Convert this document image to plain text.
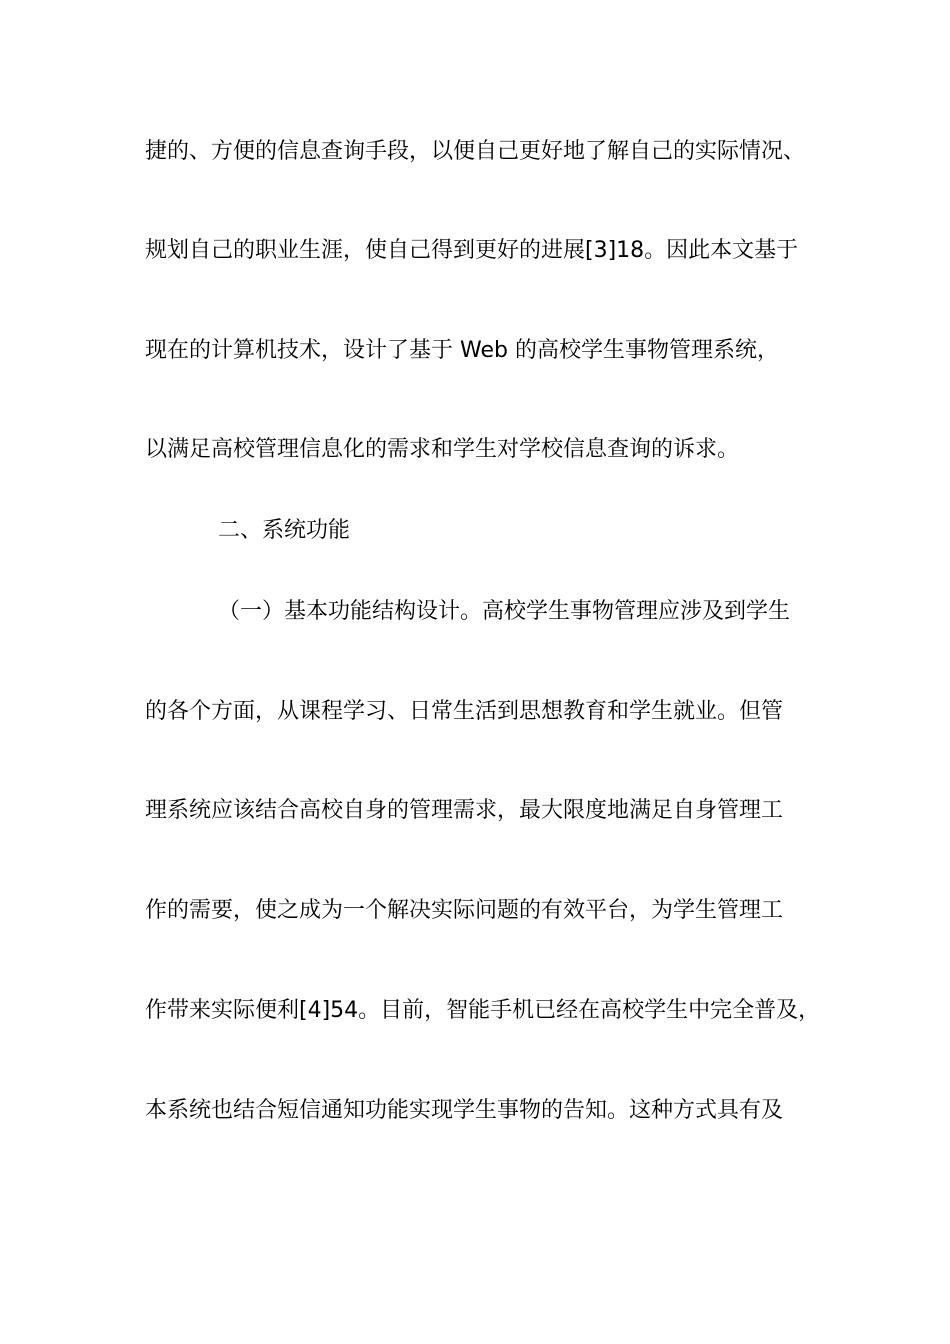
捷的、方便的信息查询手段，以便自己更好地了解自己的实际情况、
规划自己的职业生涯，使自己得到更好的进展[3]18。因此本文基于
现在的计算机技术，设计了基于 Web 的高校学生事物管理系统，
以满足高校管理信息化的需求和学生对学校信息查询的诉求。
二、系统功能
（一）基本功能结构设计。高校学生事物管理应涉及到学生
的各个方面，从课程学习、日常生活到思想教育和学生就业。但管
理系统应该结合高校自身的管理需求，最大限度地满足自身管理工
作的需要，使之成为一个解决实际问题的有效平台，为学生管理工
作带来实际便利[4]54。目前，智能手机已经在高校学生中完全普及，
本系统也结合短信通知功能实现学生事物的告知。这种方式具有及
